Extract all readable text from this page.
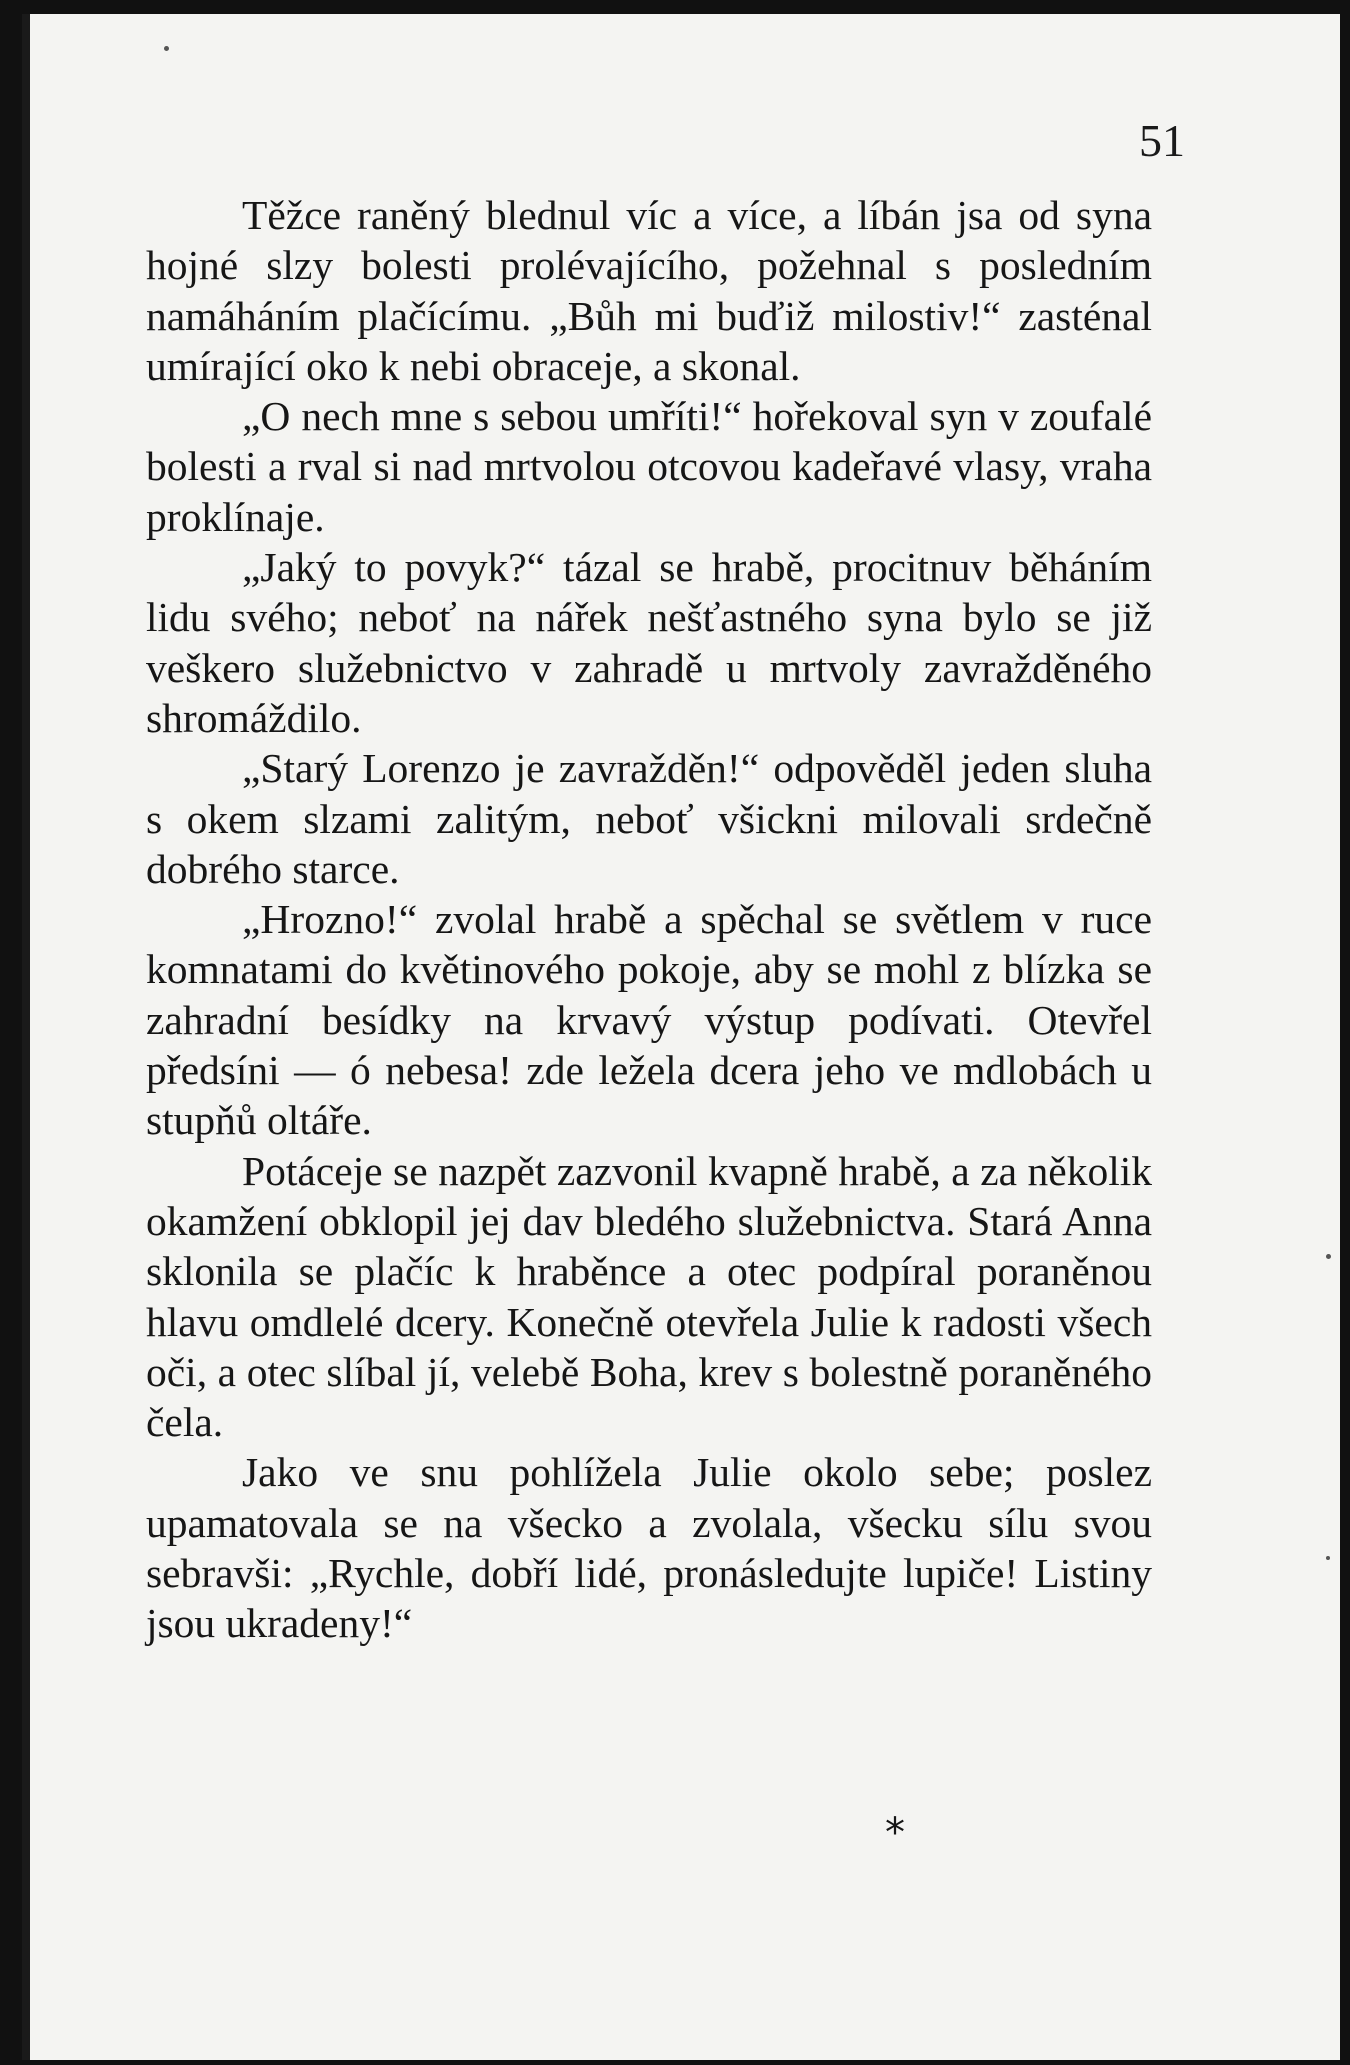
51

Těžce raněný blednul víc a více, a líbán jsa od syna hojné slzy bolesti prolévajícího, požehnal s posledním namáháním plačícímu. „Bůh mi buďiž milostiv!“ zasténal umírající oko k nebi obraceje, a skonal.

„O nech mne s sebou umříti!“ hořekoval syn v zoufalé bolesti a rval si nad mrtvolou otcovou kadeřavé vlasy, vraha proklínaje.

„Jaký to povyk?“ tázal se hrabě, procitnuv běháním lidu svého; neboť na nářek nešťastného syna bylo se již veškero služebnictvo v zahradě u mrtvoly zavražděného shromáždilo.

„Starý Lorenzo je zavražděn!“ odpověděl jeden sluha s okem slzami zalitým, neboť všickni milovali srdečně dobrého starce.

„Hrozno!“ zvolal hrabě a spěchal se světlem v ruce komnatami do květinového pokoje, aby se mohl z blízka se zahradní besídky na krvavý výstup podívati. Otevřel předsíni — ó nebesa! zde ležela dcera jeho ve mdlobách u stupňů oltáře.

Potáceje se nazpět zazvonil kvapně hrabě, a za několik okamžení obklopil jej dav bledého služebnictva. Stará Anna sklonila se plačíc k hraběnce a otec podpíral poraněnou hlavu omdlelé dcery. Konečně otevřela Julie k radosti všech oči, a otec slíbal jí, velebě Boha, krev s bolestně poraněného čela.

Jako ve snu pohlížela Julie okolo sebe; poslez upamatovala se na všecko a zvolala, všecku sílu svou sebravši: „Rychle, dobří lidé, pronásledujte lupiče! Listiny jsou ukradeny!“

*
